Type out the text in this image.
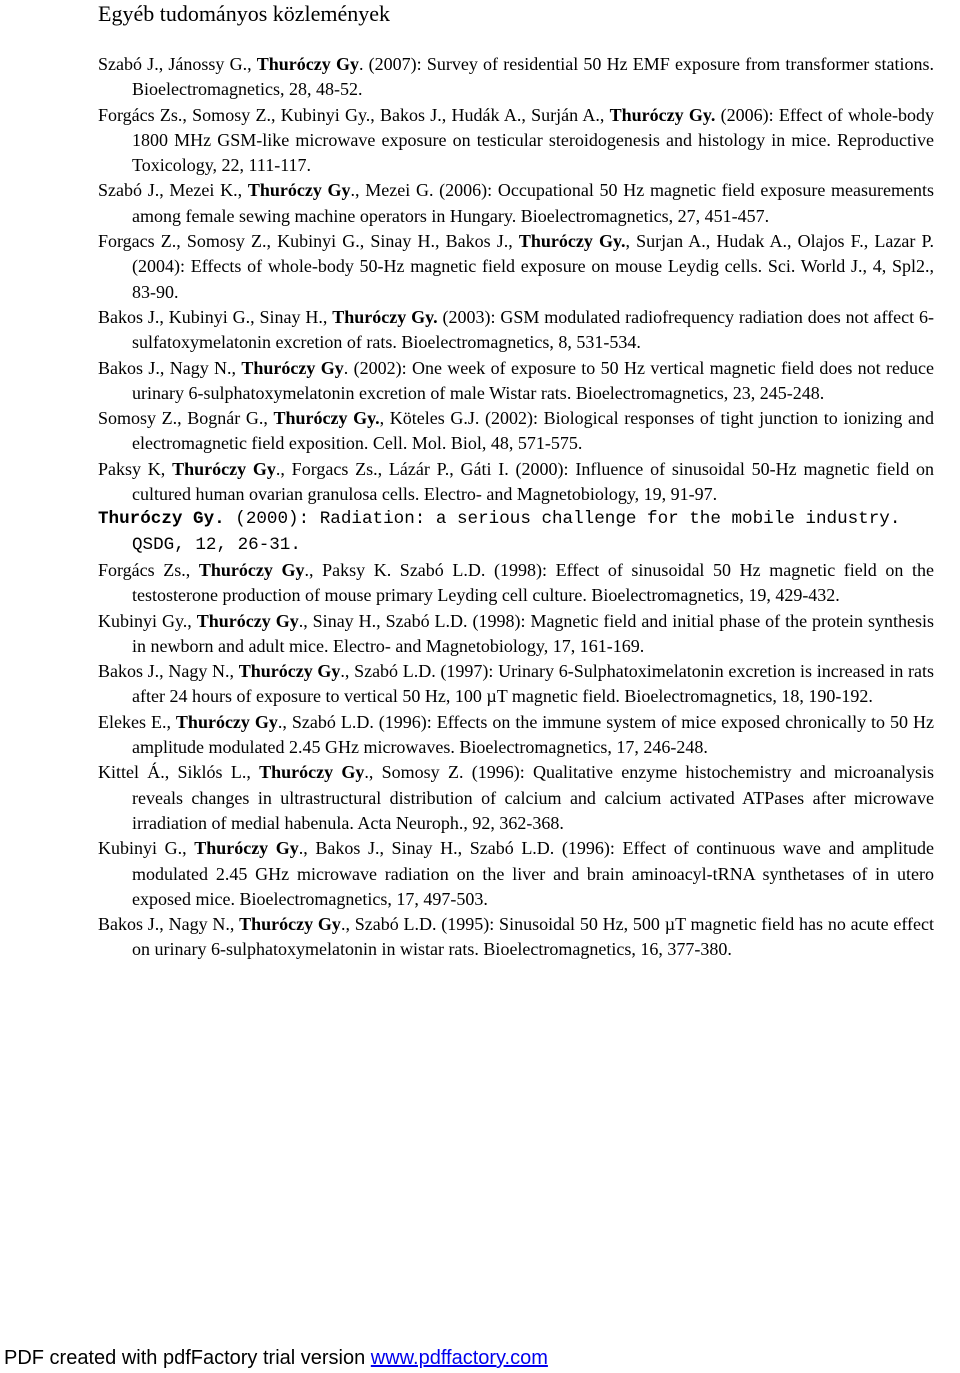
Egyéb tudományos közlemények
Szabó J., Jánossy G., Thuróczy Gy. (2007): Survey of residential 50 Hz EMF exposure from transformer stations. Bioelectromagnetics, 28, 48-52.
Forgács Zs., Somosy Z., Kubinyi Gy., Bakos J., Hudák A., Surján A., Thuróczy Gy. (2006): Effect of whole-body 1800 MHz GSM-like microwave exposure on testicular steroidogenesis and histology in mice. Reproductive Toxicology, 22, 111-117.
Szabó J., Mezei K., Thuróczy Gy., Mezei G. (2006): Occupational 50 Hz magnetic field exposure measurements among female sewing machine operators in Hungary. Bioelectromagnetics, 27, 451-457.
Forgacs Z., Somosy Z., Kubinyi G., Sinay H., Bakos J., Thuróczy Gy., Surjan A., Hudak A., Olajos F., Lazar P. (2004): Effects of whole-body 50-Hz magnetic field exposure on mouse Leydig cells. Sci. World J., 4, Spl2., 83-90.
Bakos J., Kubinyi G., Sinay H., Thuróczy Gy. (2003): GSM modulated radiofrequency radiation does not affect 6-sulfatoxymelatonin excretion of rats. Bioelectromagnetics, 8, 531-534.
Bakos J., Nagy N., Thuróczy Gy. (2002): One week of exposure to 50 Hz vertical magnetic field does not reduce urinary 6-sulphatoxymelatonin excretion of male Wistar rats. Bioelectromagnetics, 23, 245-248.
Somosy Z., Bognár G., Thuróczy Gy., Köteles G.J. (2002): Biological responses of tight junction to ionizing and electromagnetic field exposition. Cell. Mol. Biol, 48, 571-575.
Paksy K, Thuróczy Gy., Forgacs Zs., Lázár P., Gáti I. (2000): Influence of sinusoidal 50-Hz magnetic field on cultured human ovarian granulosa cells. Electro- and Magnetobiology, 19, 91-97.
Thuróczy Gy. (2000): Radiation: a serious challenge for the mobile industry. QSDG, 12, 26-31.
Forgács Zs., Thuróczy Gy., Paksy K. Szabó L.D. (1998): Effect of sinusoidal 50 Hz magnetic field on the testosterone production of mouse primary Leyding cell culture. Bioelectromagnetics, 19, 429-432.
Kubinyi Gy., Thuróczy Gy., Sinay H., Szabó L.D. (1998): Magnetic field and initial phase of the protein synthesis in newborn and adult mice. Electro- and Magnetobiology, 17, 161-169.
Bakos J., Nagy N., Thuróczy Gy., Szabó L.D. (1997): Urinary 6-Sulphatoximelatonin excretion is increased in rats after 24 hours of exposure to vertical 50 Hz, 100 µT magnetic field. Bioelectromagnetics, 18, 190-192.
Elekes E., Thuróczy Gy., Szabó L.D. (1996): Effects on the immune system of mice exposed chronically to 50 Hz amplitude modulated 2.45 GHz microwaves. Bioelectromagnetics, 17, 246-248.
Kittel Á., Siklós L., Thuróczy Gy., Somosy Z. (1996): Qualitative enzyme histochemistry and microanalysis reveals changes in ultrastructural distribution of calcium and calcium activated ATPases after microwave irradiation of medial habenula. Acta Neuroph., 92, 362-368.
Kubinyi G., Thuróczy Gy., Bakos J., Sinay H., Szabó L.D. (1996): Effect of continuous wave and amplitude modulated 2.45 GHz microwave radiation on the liver and brain aminoacyl-tRNA synthetases of in utero exposed mice. Bioelectromagnetics, 17, 497-503.
Bakos J., Nagy N., Thuróczy Gy., Szabó L.D. (1995): Sinusoidal 50 Hz, 500 µT magnetic field has no acute effect on urinary 6-sulphatoxymelatonin in wistar rats. Bioelectromagnetics, 16, 377-380.
PDF created with pdfFactory trial version www.pdffactory.com
